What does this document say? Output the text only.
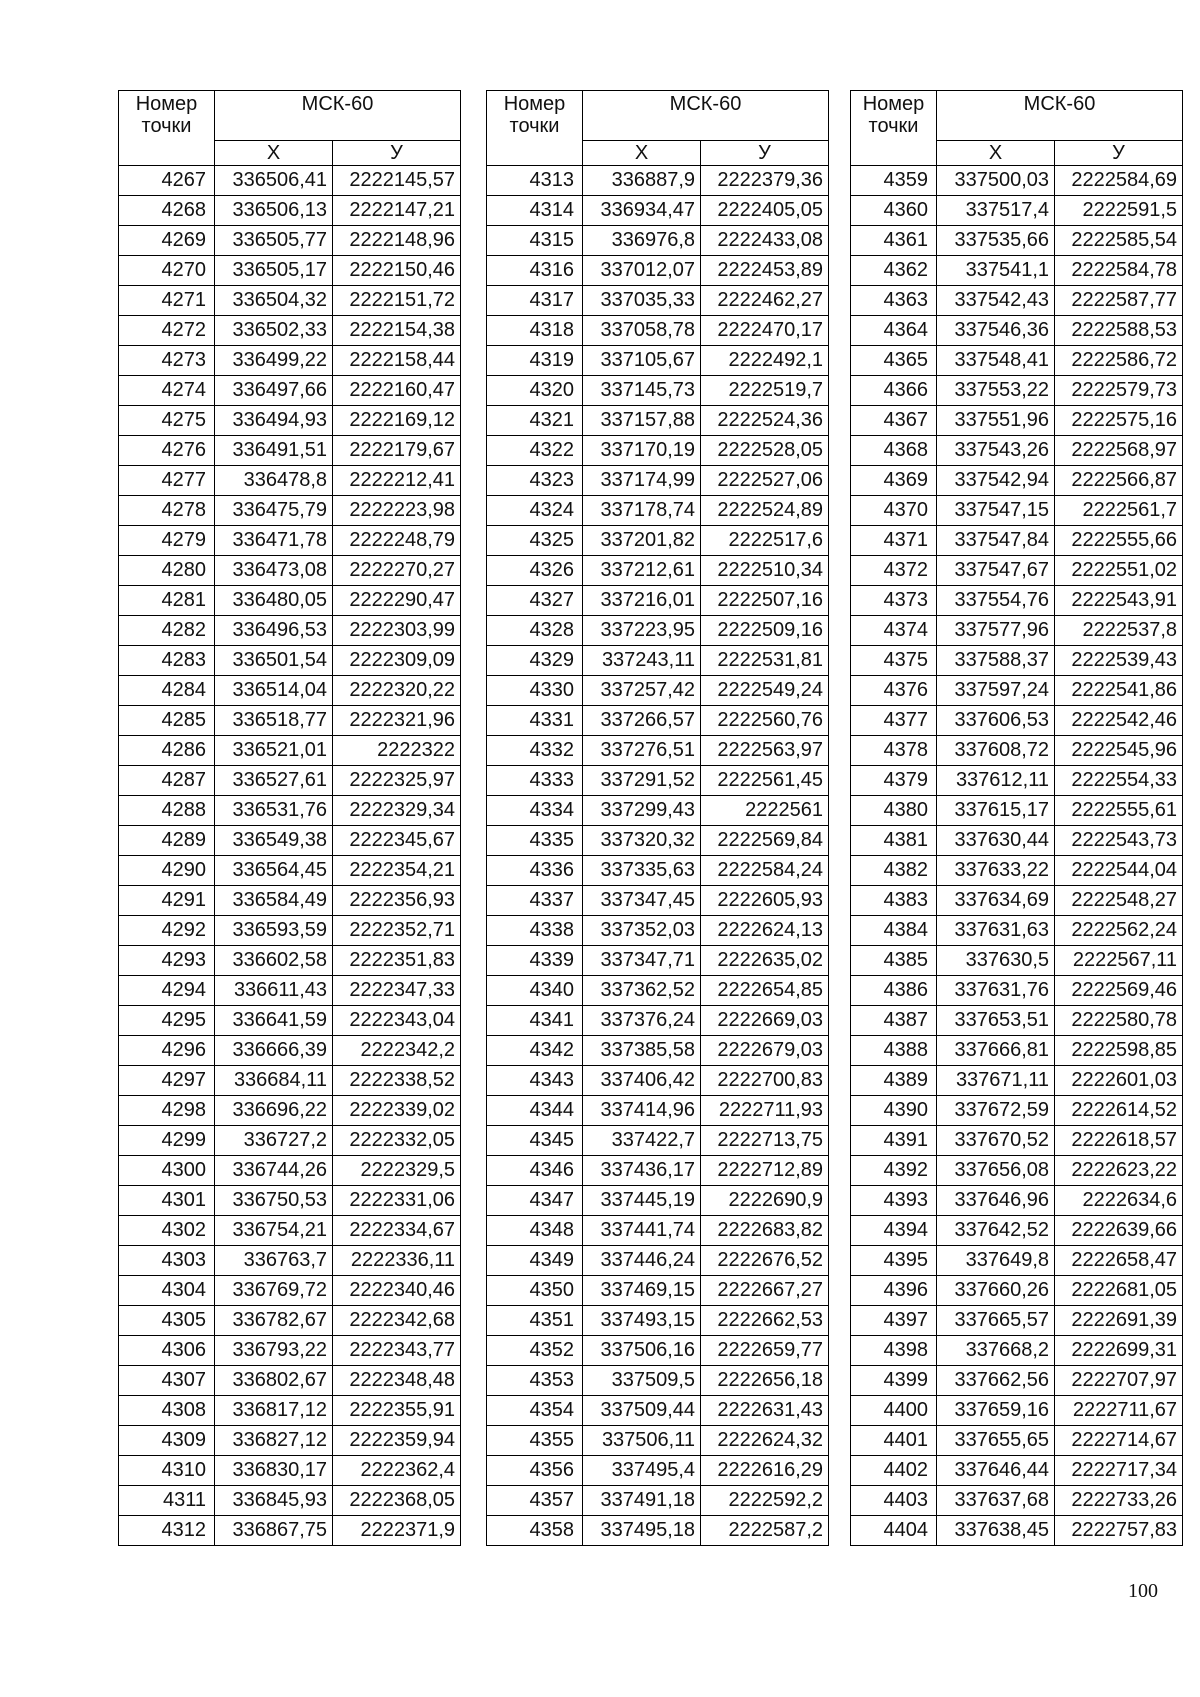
Номер точки	МСК-60	
	Х	У
4267	336506,41	2222145,57
4268	336506,13	2222147,21
4269	336505,77	2222148,96
4270	336505,17	2222150,46
4271	336504,32	2222151,72
4272	336502,33	2222154,38
4273	336499,22	2222158,44
4274	336497,66	2222160,47
4275	336494,93	2222169,12
4276	336491,51	2222179,67
4277	336478,8	2222212,41
4278	336475,79	2222223,98
4279	336471,78	2222248,79
4280	336473,08	2222270,27
4281	336480,05	2222290,47
4282	336496,53	2222303,99
4283	336501,54	2222309,09
4284	336514,04	2222320,22
4285	336518,77	2222321,96
4286	336521,01	2222322
4287	336527,61	2222325,97
4288	336531,76	2222329,34
4289	336549,38	2222345,67
4290	336564,45	2222354,21
4291	336584,49	2222356,93
4292	336593,59	2222352,71
4293	336602,58	2222351,83
4294	336611,43	2222347,33
4295	336641,59	2222343,04
4296	336666,39	2222342,2
4297	336684,11	2222338,52
4298	336696,22	2222339,02
4299	336727,2	2222332,05
4300	336744,26	2222329,5
4301	336750,53	2222331,06
4302	336754,21	2222334,67
4303	336763,7	2222336,11
4304	336769,72	2222340,46
4305	336782,67	2222342,68
4306	336793,22	2222343,77
4307	336802,67	2222348,48
4308	336817,12	2222355,91
4309	336827,12	2222359,94
4310	336830,17	2222362,4
4311	336845,93	2222368,05
4312	336867,75	2222371,9
Номер точки	МСК-60	
	Х	У
4313	336887,9	2222379,36
4314	336934,47	2222405,05
4315	336976,8	2222433,08
4316	337012,07	2222453,89
4317	337035,33	2222462,27
4318	337058,78	2222470,17
4319	337105,67	2222492,1
4320	337145,73	2222519,7
4321	337157,88	2222524,36
4322	337170,19	2222528,05
4323	337174,99	2222527,06
4324	337178,74	2222524,89
4325	337201,82	2222517,6
4326	337212,61	2222510,34
4327	337216,01	2222507,16
4328	337223,95	2222509,16
4329	337243,11	2222531,81
4330	337257,42	2222549,24
4331	337266,57	2222560,76
4332	337276,51	2222563,97
4333	337291,52	2222561,45
4334	337299,43	2222561
4335	337320,32	2222569,84
4336	337335,63	2222584,24
4337	337347,45	2222605,93
4338	337352,03	2222624,13
4339	337347,71	2222635,02
4340	337362,52	2222654,85
4341	337376,24	2222669,03
4342	337385,58	2222679,03
4343	337406,42	2222700,83
4344	337414,96	2222711,93
4345	337422,7	2222713,75
4346	337436,17	2222712,89
4347	337445,19	2222690,9
4348	337441,74	2222683,82
4349	337446,24	2222676,52
4350	337469,15	2222667,27
4351	337493,15	2222662,53
4352	337506,16	2222659,77
4353	337509,5	2222656,18
4354	337509,44	2222631,43
4355	337506,11	2222624,32
4356	337495,4	2222616,29
4357	337491,18	2222592,2
4358	337495,18	2222587,2
Номер точки	МСК-60	
	Х	У
4359	337500,03	2222584,69
4360	337517,4	2222591,5
4361	337535,66	2222585,54
4362	337541,1	2222584,78
4363	337542,43	2222587,77
4364	337546,36	2222588,53
4365	337548,41	2222586,72
4366	337553,22	2222579,73
4367	337551,96	2222575,16
4368	337543,26	2222568,97
4369	337542,94	2222566,87
4370	337547,15	2222561,7
4371	337547,84	2222555,66
4372	337547,67	2222551,02
4373	337554,76	2222543,91
4374	337577,96	2222537,8
4375	337588,37	2222539,43
4376	337597,24	2222541,86
4377	337606,53	2222542,46
4378	337608,72	2222545,96
4379	337612,11	2222554,33
4380	337615,17	2222555,61
4381	337630,44	2222543,73
4382	337633,22	2222544,04
4383	337634,69	2222548,27
4384	337631,63	2222562,24
4385	337630,5	2222567,11
4386	337631,76	2222569,46
4387	337653,51	2222580,78
4388	337666,81	2222598,85
4389	337671,11	2222601,03
4390	337672,59	2222614,52
4391	337670,52	2222618,57
4392	337656,08	2222623,22
4393	337646,96	2222634,6
4394	337642,52	2222639,66
4395	337649,8	2222658,47
4396	337660,26	2222681,05
4397	337665,57	2222691,39
4398	337668,2	2222699,31
4399	337662,56	2222707,97
4400	337659,16	2222711,67
4401	337655,65	2222714,67
4402	337646,44	2222717,34
4403	337637,68	2222733,26
4404	337638,45	2222757,83
100
